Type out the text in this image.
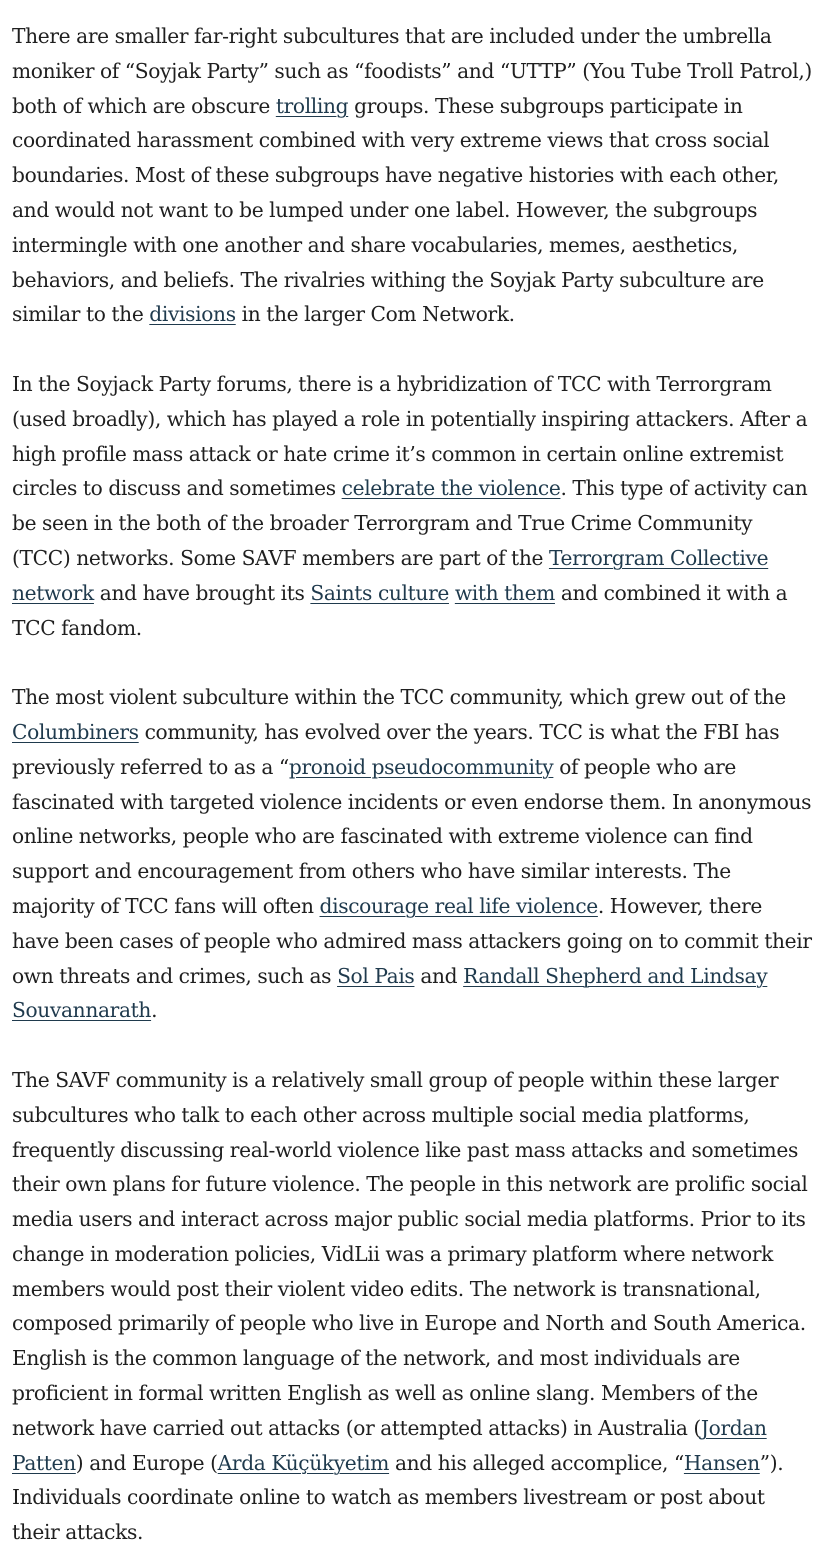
There are smaller far-right subcultures that are included under the umbrella moniker of “Soyjak Party” such as “foodists” and “UTTP” (You Tube Troll Patrol,) both of which are obscure trolling groups. These subgroups participate in coordinated harassment combined with very extreme views that cross social boundaries. Most of these subgroups have negative histories with each other, and would not want to be lumped under one label. However, the subgroups intermingle with one another and share vocabularies, memes, aesthetics, behaviors, and beliefs. The rivalries withing the Soyjak Party subculture are similar to the divisions in the larger Com Network.

In the Soyjack Party forums, there is a hybridization of TCC with Terrorgram (used broadly), which has played a role in potentially inspiring attackers. After a high profile mass attack or hate crime it’s common in certain online extremist circles to discuss and sometimes celebrate the violence. This type of activity can be seen in the both of the broader Terrorgram and True Crime Community (TCC) networks. Some SAVF members are part of the Terrorgram Collective network and have brought its Saints culture with them and combined it with a TCC fandom.

The most violent subculture within the TCC community, which grew out of the Columbiners community, has evolved over the years. TCC is what the FBI has previously referred to as a “pronoid pseudocommunity of people who are fascinated with targeted violence incidents or even endorse them. In anonymous online networks, people who are fascinated with extreme violence can find support and encouragement from others who have similar interests. The majority of TCC fans will often discourage real life violence. However, there have been cases of people who admired mass attackers going on to commit their own threats and crimes, such as Sol Pais and Randall Shepherd and Lindsay Souvannarath.

The SAVF community is a relatively small group of people within these larger subcultures who talk to each other across multiple social media platforms, frequently discussing real-world violence like past mass attacks and sometimes their own plans for future violence. The people in this network are prolific social media users and interact across major public social media platforms. Prior to its change in moderation policies, VidLii was a primary platform where network members would post their violent video edits. The network is transnational, composed primarily of people who live in Europe and North and South America. English is the common language of the network, and most individuals are proficient in formal written English as well as online slang. Members of the network have carried out attacks (or attempted attacks) in Australia (Jordan Patten) and Europe (Arda Küçükyetim and his alleged accomplice, “Hansen”). Individuals coordinate online to watch as members livestream or post about their attacks.
